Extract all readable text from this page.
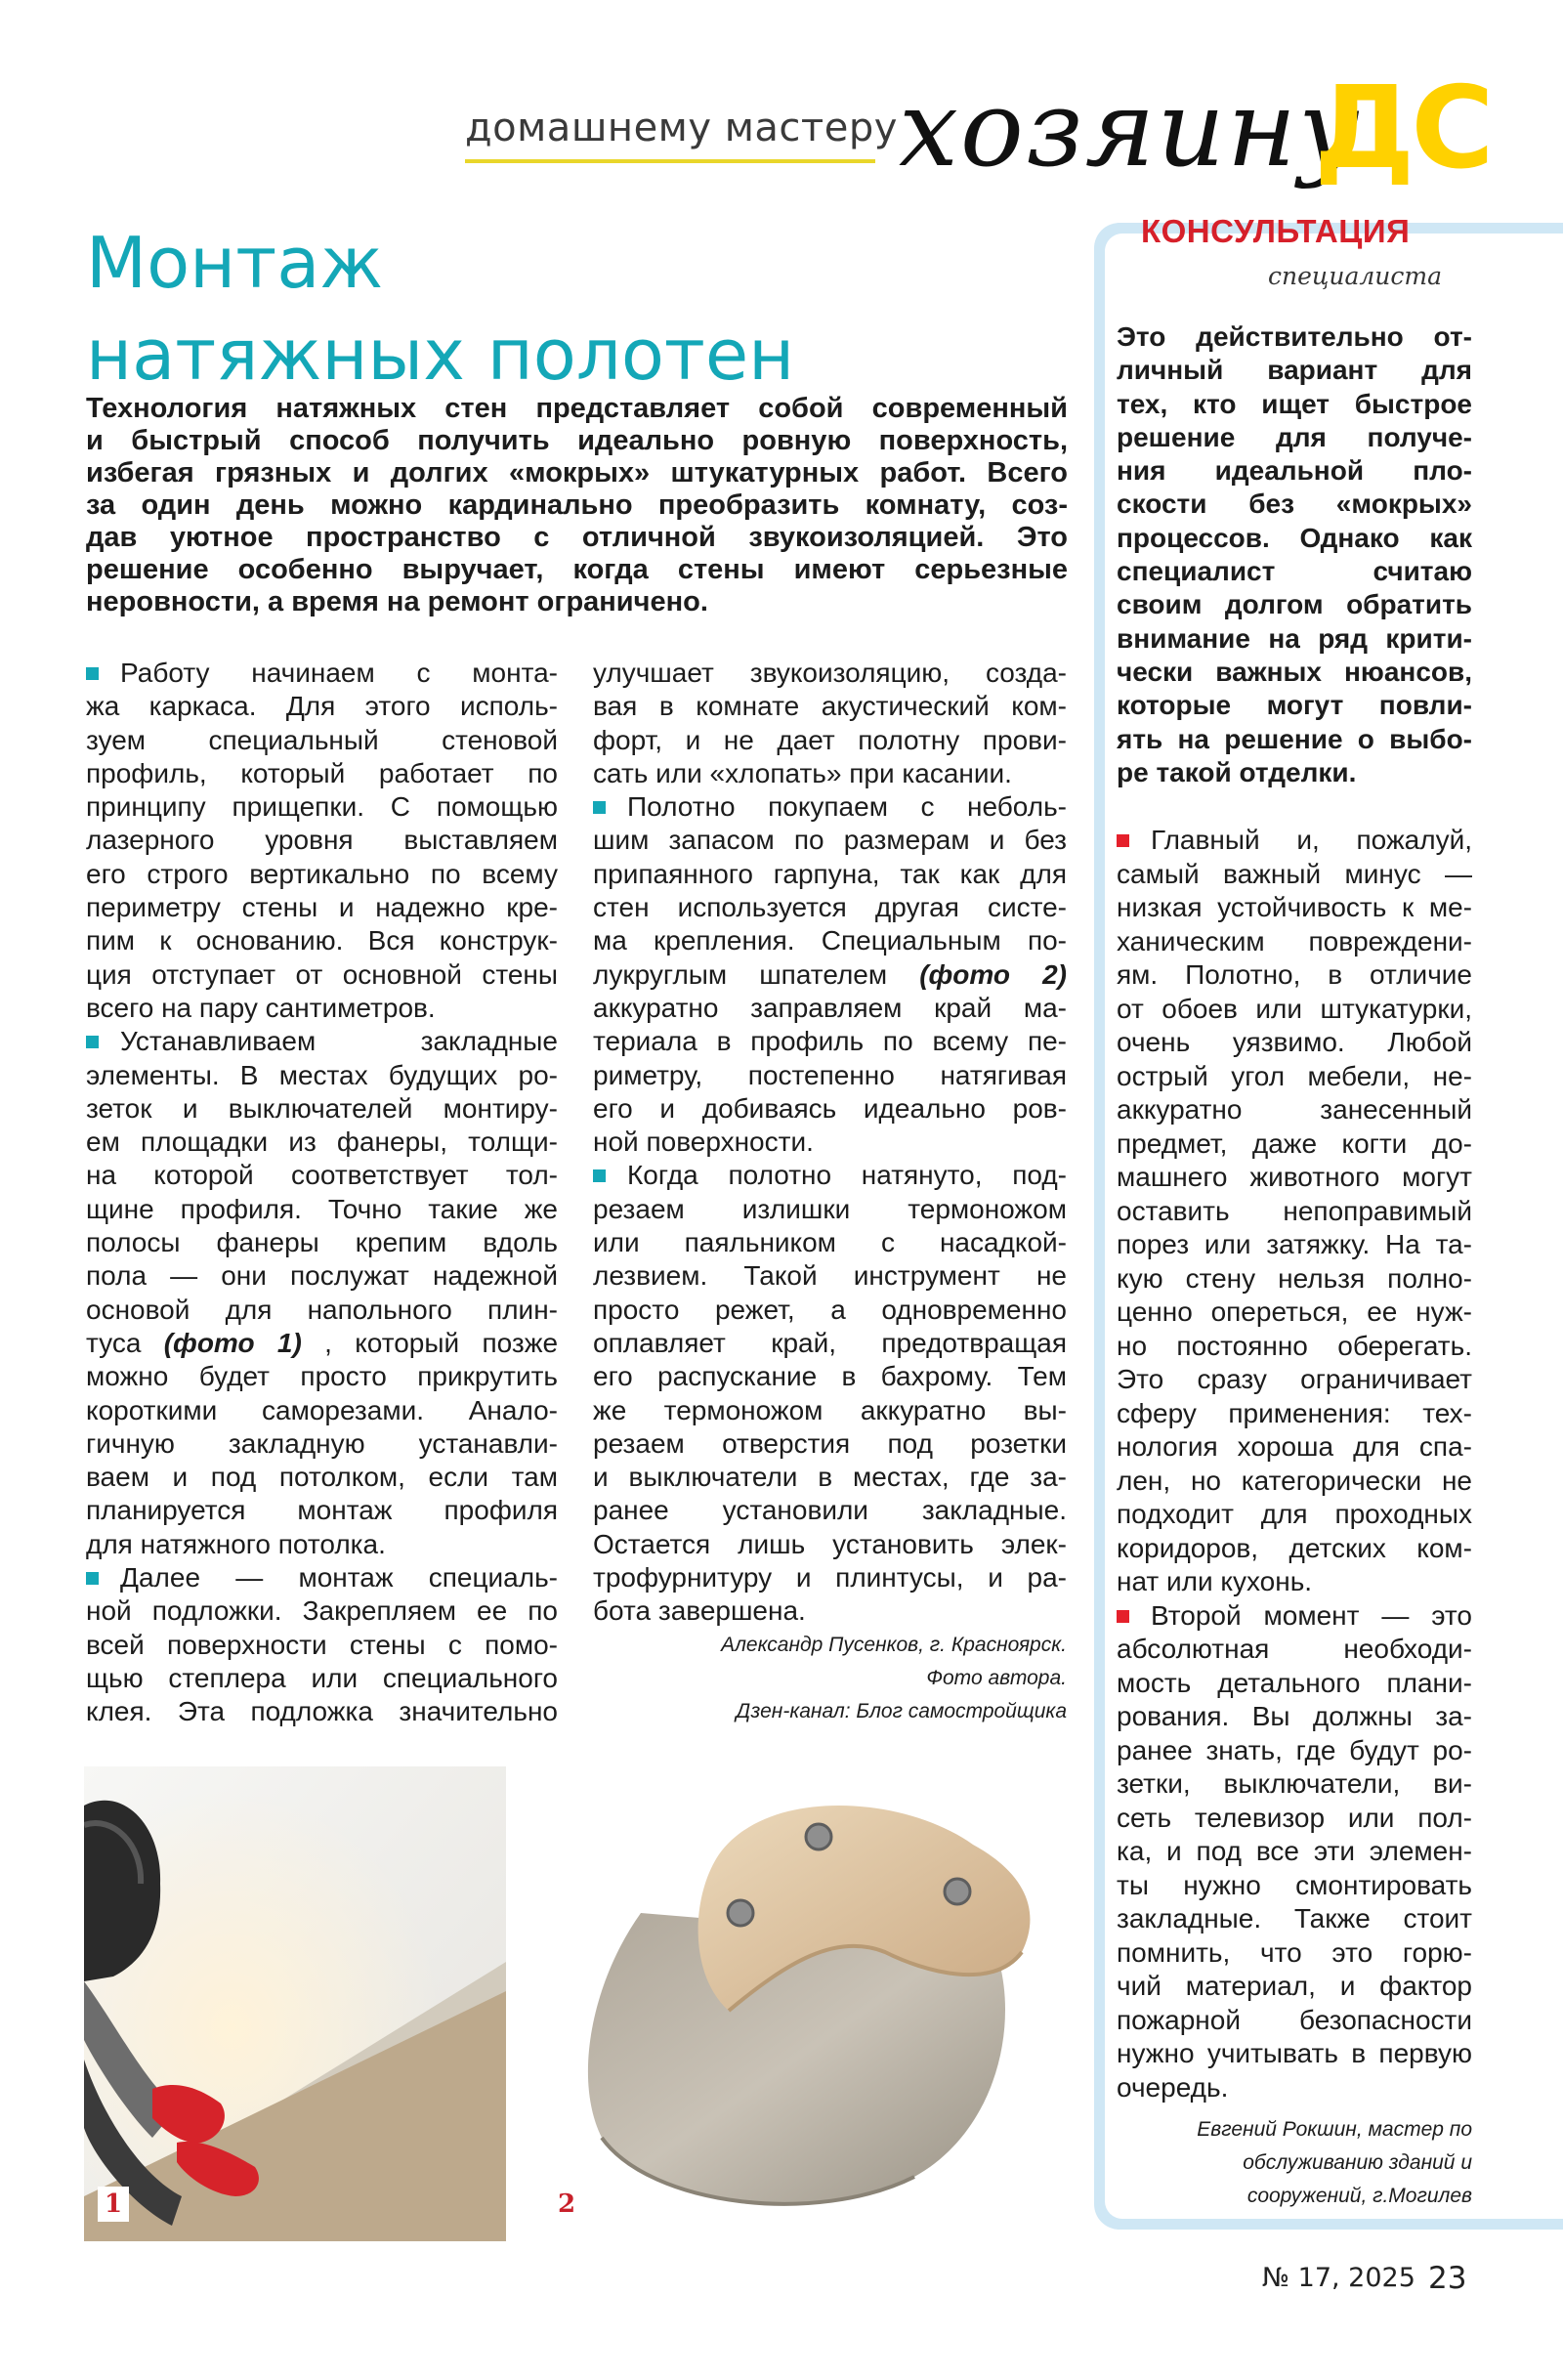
домашнему мастеру хозяину
ДС
Монтаж
натяжных полотен
Технология натяжных стен представляет собой современный
и быстрый способ получить идеально ровную поверхность,
избегая грязных и долгих «мокрых» штукатурных работ. Всего
за один день можно кардинально преобразить комнату, соз-
дав уютное пространство с отличной звукоизоляцией. Это
решение особенно выручает, когда стены имеют серьезные
неровности, а время на ремонт ограничено.
Работу начинаем с монта-
жа каркаса. Для этого исполь-
зуем специальный стеновой
профиль, который работает по
принципу прищепки. С помощью
лазерного уровня выставляем
его строго вертикально по всему
периметру стены и надежно кре-
пим к основанию. Вся конструк-
ция отступает от основной стены
всего на пару сантиметров.
Устанавливаем закладные
элементы. В местах будущих ро-
зеток и выключателей монтиру-
ем площадки из фанеры, толщи-
на которой соответствует тол-
щине профиля. Точно такие же
полосы фанеры крепим вдоль
пола — они послужат надежной
основой для напольного плин-
туса (фото 1) , который позже
можно будет просто прикрутить
короткими саморезами. Анало-
гичную закладную устанавли-
ваем и под потолком, если там
планируется монтаж профиля
для натяжного потолка.
Далее — монтаж специаль-
ной подложки. Закрепляем ее по
всей поверхности стены с помо-
щью степлера или специального
клея. Эта подложка значительно
улучшает звукоизоляцию, созда-
вая в комнате акустический ком-
форт, и не дает полотну прови-
сать или «хлопать» при касании.
Полотно покупаем с неболь-
шим запасом по размерам и без
припаянного гарпуна, так как для
стен используется другая систе-
ма крепления. Специальным по-
лукруглым шпателем (фото 2)
аккуратно заправляем край ма-
териала в профиль по всему пе-
риметру, постепенно натягивая
его и добиваясь идеально ров-
ной поверхности.
Когда полотно натянуто, под-
резаем излишки термоножом
или паяльником с насадкой-
лезвием. Такой инструмент не
просто режет, а одновременно
оплавляет край, предотвращая
его распускание в бахрому. Тем
же термоножом аккуратно вы-
резаем отверстия под розетки
и выключатели в местах, где за-
ранее установили закладные.
Остается лишь установить элек-
трофурнитуру и плинтусы, и ра-
бота завершена.
Александр Пусенков, г. Красноярск.
Фото автора.
Дзен-канал: Блог самостройщика
КОНСУЛЬТАЦИЯ
специалиста
Это действительно от-
личный вариант для
тех, кто ищет быстрое
решение для получе-
ния идеальной пло-
скости без «мокрых»
процессов. Однако как
специалист считаю
своим долгом обратить
внимание на ряд крити-
чески важных нюансов,
которые могут повли-
ять на решение о выбо-
ре такой отделки.
Главный и, пожалуй,
самый важный минус —
низкая устойчивость к ме-
ханическим повреждени-
ям. Полотно, в отличие
от обоев или штукатурки,
очень уязвимо. Любой
острый угол мебели, не-
аккуратно занесенный
предмет, даже когти до-
машнего животного могут
оставить непоправимый
порез или затяжку. На та-
кую стену нельзя полно-
ценно опереться, ее нуж-
но постоянно оберегать.
Это сразу ограничивает
сферу применения: тех-
нология хороша для спа-
лен, но категорически не
подходит для проходных
коридоров, детских ком-
нат или кухонь.
Второй момент — это
абсолютная необходи-
мость детального плани-
рования. Вы должны за-
ранее знать, где будут ро-
зетки, выключатели, ви-
сеть телевизор или пол-
ка, и под все эти элемен-
ты нужно смонтировать
закладные. Также стоит
помнить, что это горю-
чий материал, и фактор
пожарной безопасности
нужно учитывать в первую
очередь.
Евгений Рокшин, мастер по
обслуживанию зданий и
сооружений, г.Могилев
1	2
№ 17, 2025 23
